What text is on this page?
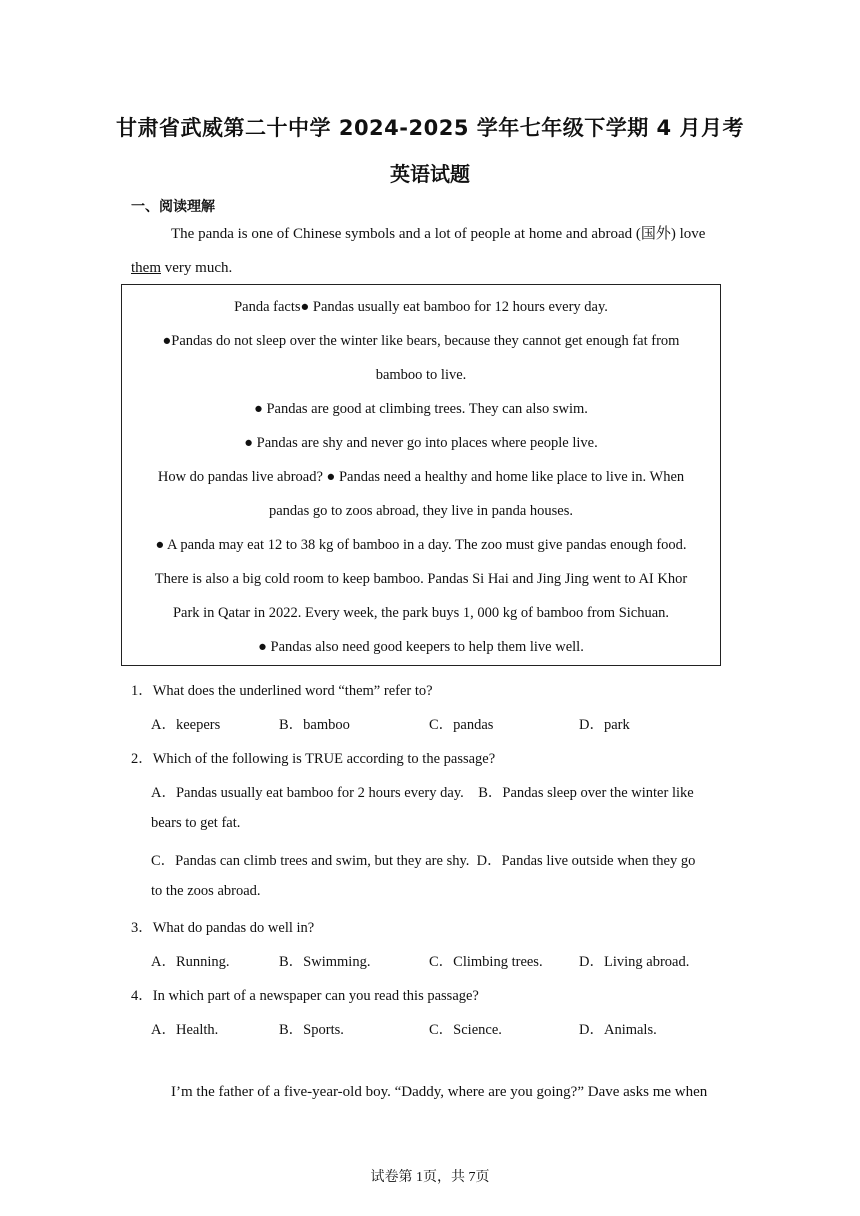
甘肃省武威第二十中学 2024-2025 学年七年级下学期 4 月月考
英语试题
一、阅读理解
The panda is one of Chinese symbols and a lot of people at home and abroad (国外) love
them very much.
Panda facts● Pandas usually eat bamboo for 12 hours every day.
●Pandas do not sleep over the winter like bears, because they cannot get enough fat from
bamboo to live.
● Pandas are good at climbing trees. They can also swim.
● Pandas are shy and never go into places where people live.
How do pandas live abroad? ● Pandas need a healthy and home like place to live in. When
pandas go to zoos abroad, they live in panda houses.
● A panda may eat 12 to 38 kg of bamboo in a day. The zoo must give pandas enough food.
There is also a big cold room to keep bamboo. Pandas Si Hai and Jing Jing went to AI Khor
Park in Qatar in 2022. Every week, the park buys 1, 000 kg of bamboo from Sichuan.
● Pandas also need good keepers to help them live well.
1．What does the underlined word “them” refer to?
A．keepers	B．bamboo	C．pandas	D．park
2．Which of the following is TRUE according to the passage?
A．Pandas usually eat bamboo for 2 hours every day.    B．Pandas sleep over the winter like
bears to get fat.
C．Pandas can climb trees and swim, but they are shy.  D．Pandas live outside when they go
to the zoos abroad.
3．What do pandas do well in?
A．Running.	B．Swimming.	C．Climbing trees.	D．Living abroad.
4．In which part of a newspaper can you read this passage?
A．Health.	B．Sports.	C．Science.	D．Animals.
I’m the father of a five-year-old boy. “Daddy, where are you going?” Dave asks me when
试卷第 1页，共 7页
